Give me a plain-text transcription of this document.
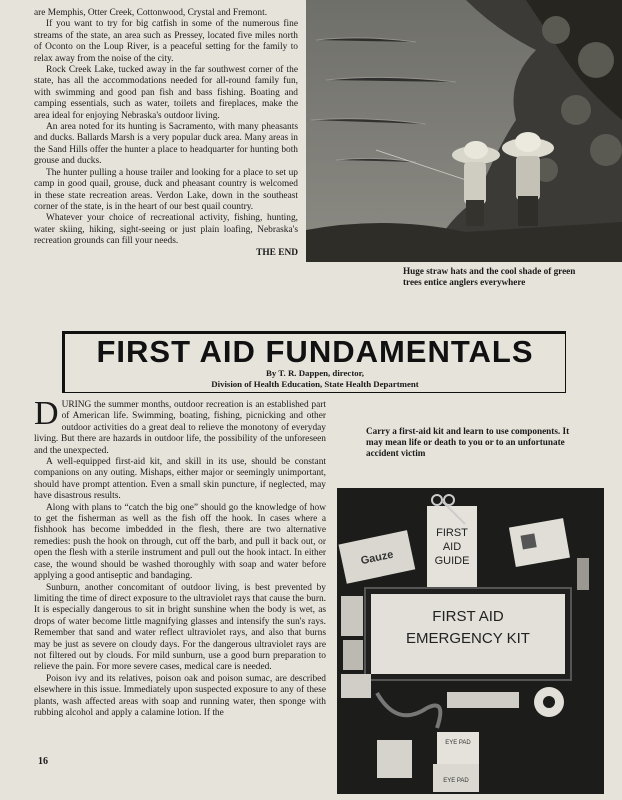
are Memphis, Otter Creek, Cottonwood, Crystal and Fremont.

If you want to try for big catfish in some of the numerous fine streams of the state, an area such as Pressey, located five miles north of Oconto on the Loup River, is a peaceful setting for the family to relax away from the noise of the city.

Rock Creek Lake, tucked away in the far southwest corner of the state, has all the accommodations needed for all-round family fun, with swimming and good pan fish and bass fishing. Boating and camping essentials, such as water, toilets and fireplaces, make the area ideal for enjoying Nebraska's outdoor living.

An area noted for its hunting is Sacramento, with many pheasants and ducks. Ballards Marsh is a very popular duck area. Many areas in the Sand Hills offer the hunter a place to headquarter for hunting both grouse and ducks.

The hunter pulling a house trailer and looking for a place to set up camp in good quail, grouse, duck and pheasant country is welcomed in these state recreation areas. Verdon Lake, down in the southeast corner of the state, is in the heart of our best quail country.

Whatever your choice of recreational activity, fishing, hunting, water skiing, hiking, sight-seeing or just plain loafing, Nebraska's recreation grounds can fill your needs.

THE END
Huge straw hats and the cool shade of green trees entice anglers everywhere
FIRST AID FUNDAMENTALS
By T. R. Dappen, director,
Division of Health Education, State Health Department

DURING the summer months, outdoor recreation is an established part of American life. Swimming, boating, fishing, picnicking and other outdoor activities do a great deal to relieve the monotony of everyday living. But there are hazards in outdoor life, the possibility of the unforeseen and the unexpected.

A well-equipped first-aid kit, and skill in its use, should be constant companions on any outing. Mishaps, either major or seemingly unimportant, should have prompt attention. Even a small skin puncture, if neglected, may have disastrous results.

Along with plans to “catch the big one” should go the knowledge of how to get the fisherman as well as the fish off the hook. In cases where a fishhook has become imbedded in the flesh, there are two alternative remedies: push the hook on through, cut off the barb, and pull it back out, or open the flesh with a sterile instrument and pull out the hook intact. In either case, the wound should be washed thoroughly with soap and water before applying a good antiseptic and bandaging.

Sunburn, another concomitant of outdoor living, is best prevented by limiting the time of direct exposure to the ultraviolet rays that cause the burn. It is especially dangerous to sit in bright sunshine when the body is wet, as drops of water become little magnifying glasses and intensify the sun's rays. Remember that sand and water reflect ultraviolet rays, and also that burns may be just as severe on cloudy days. For the dangerous ultraviolet rays are not filtered out by clouds. For mild sunburn, use a good burn preparation to relieve the pain. For more severe cases, medical care is needed.

Poison ivy and its relatives, poison oak and poison sumac, are described elsewhere in this issue. Immediately upon suspected exposure to any of these plants, wash affected areas with soap and running water, then sponge with rubbing alcohol and apply a calamine lotion. If the

Carry a first-aid kit and learn to use components. It may mean life or death to you or to an unfortunate accident victim
FIRST
AID
GUIDE
Gauze
FIRST AID
EMERGENCY KIT
EYE PAD
EYE PAD
16
